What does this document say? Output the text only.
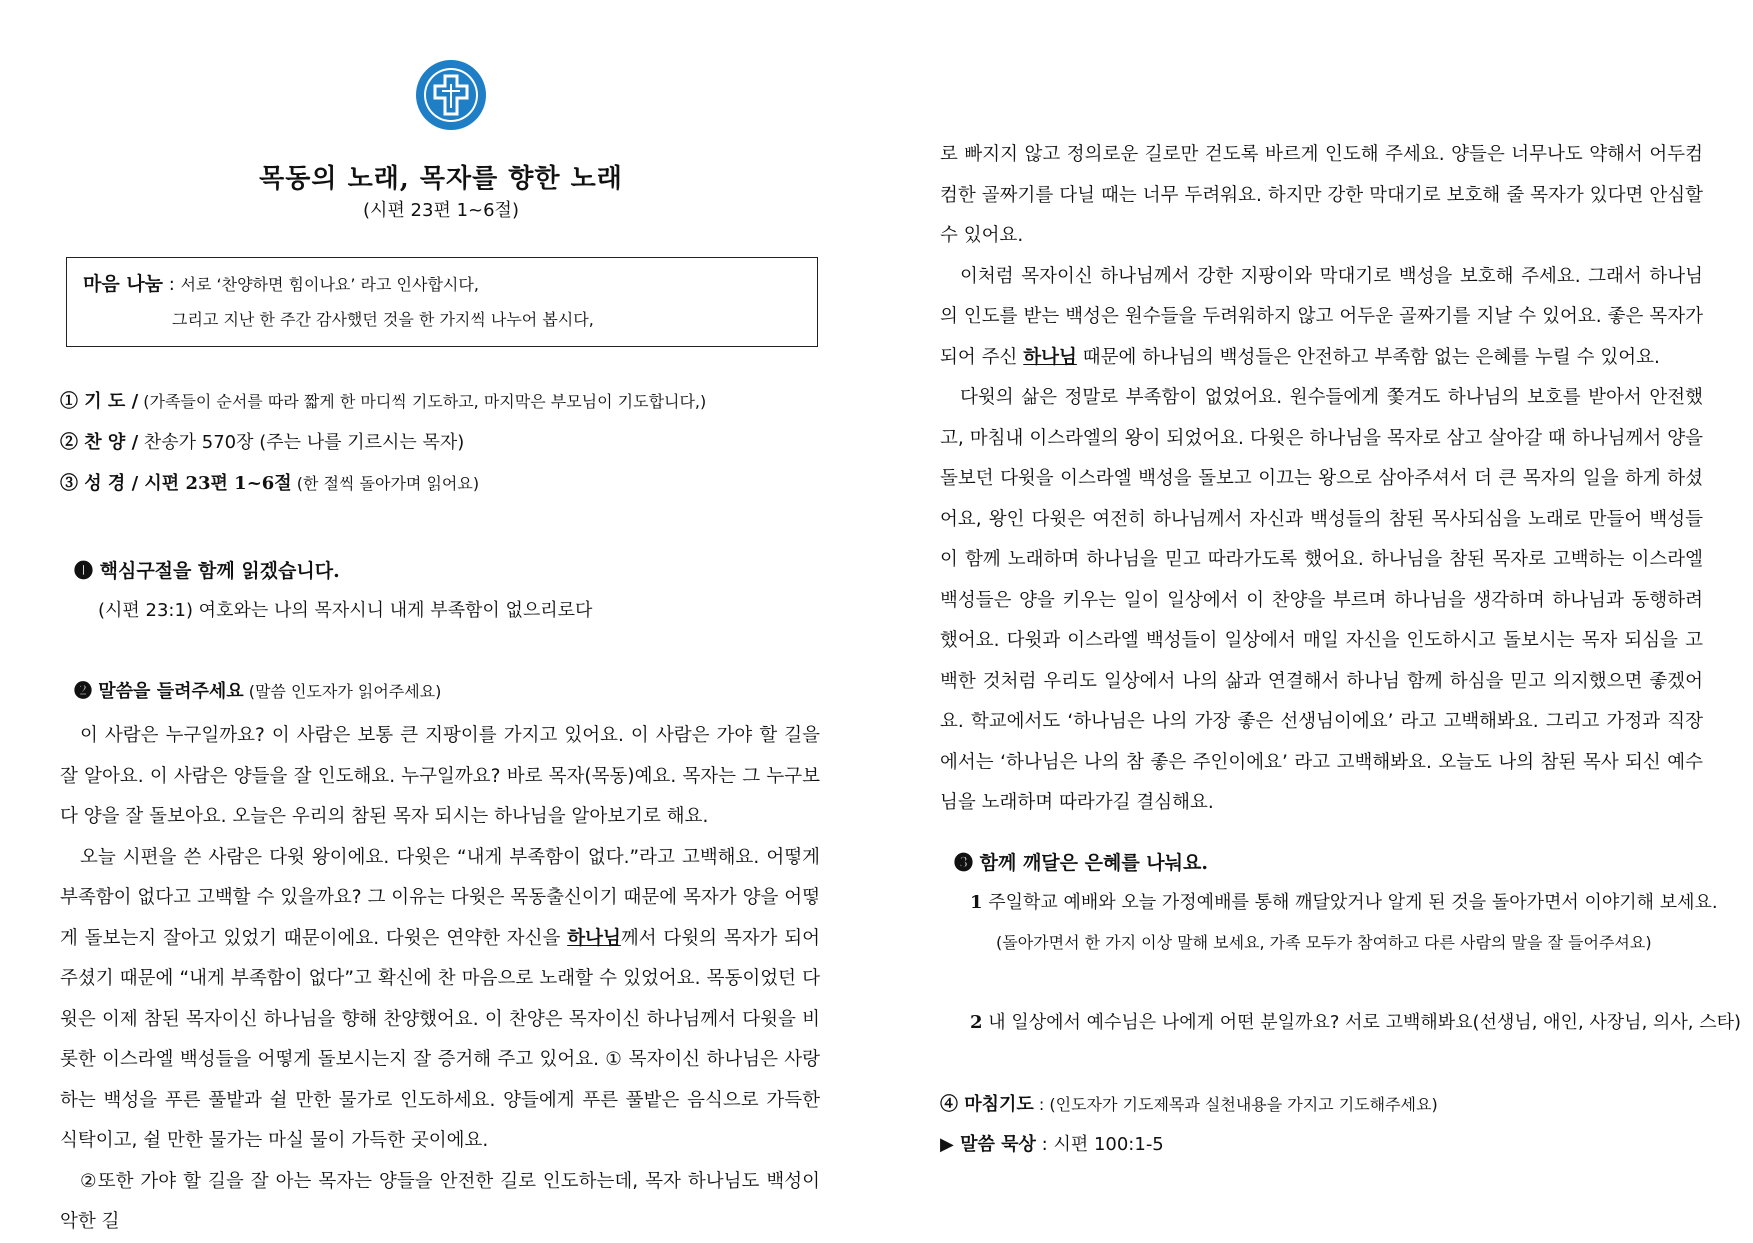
목동의 노래, 목자를 향한 노래
(시편 23편 1~6절)
마음 나눔 : 서로 ‘찬양하면 힘이나요’ 라고 인사합시다,
그리고 지난 한 주간 감사했던 것을 한 가지씩 나누어 봅시다,
① 기 도 / (가족들이 순서를 따라 짧게 한 마디씩 기도하고, 마지막은 부모님이 기도합니다,)
② 찬 양 / 찬송가 570장 (주는 나를 기르시는 목자)
③ 성 경 / 시편 23편 1~6절 (한 절씩 돌아가며 읽어요)
❶ 핵심구절을 함께 읽겠습니다.
(시편 23:1) 여호와는 나의 목자시니 내게 부족함이 없으리로다
❷ 말씀을 들려주세요 (말씀 인도자가 읽어주세요)

이 사람은 누구일까요? 이 사람은 보통 큰 지팡이를 가지고 있어요. 이 사람은 가야 할 길을 잘 알아요. 이 사람은 양들을 잘 인도해요. 누구일까요? 바로 목자(목동)예요. 목자는 그 누구보다 양을 잘 돌보아요. 오늘은 우리의 참된 목자 되시는 하나님을 알아보기로 해요.

오늘 시편을 쓴 사람은 다윗 왕이에요. 다윗은 “내게 부족함이 없다.”라고 고백해요. 어떻게 부족함이 없다고 고백할 수 있을까요? 그 이유는 다윗은 목동출신이기 때문에 목자가 양을 어떻게 돌보는지 잘아고 있었기 때문이에요. 다윗은 연약한 자신을 하나님께서 다윗의 목자가 되어 주셨기 때문에 “내게 부족함이 없다”고 확신에 찬 마음으로 노래할 수 있었어요. 목동이었던 다윗은 이제 참된 목자이신 하나님을 향해 찬양했어요. 이 찬양은 목자이신 하나님께서 다윗을 비롯한 이스라엘 백성들을 어떻게 돌보시는지 잘 증거해 주고 있어요. ① 목자이신 하나님은 사랑하는 백성을 푸른 풀밭과 쉴 만한 물가로 인도하세요. 양들에게 푸른 풀밭은 음식으로 가득한 식탁이고, 쉴 만한 물가는 마실 물이 가득한 곳이에요.

②또한 가야 할 길을 잘 아는 목자는 양들을 안전한 길로 인도하는데, 목자 하나님도 백성이 악한 길

로 빠지지 않고 정의로운 길로만 걷도록 바르게 인도해 주세요. 양들은 너무나도 약해서 어두컴컴한 골짜기를 다닐 때는 너무 두려워요. 하지만 강한 막대기로 보호해 줄 목자가 있다면 안심할 수 있어요.

이처럼 목자이신 하나님께서 강한 지팡이와 막대기로 백성을 보호해 주세요. 그래서 하나님의 인도를 받는 백성은 원수들을 두려워하지 않고 어두운 골짜기를 지날 수 있어요. 좋은 목자가 되어 주신 하나님 때문에 하나님의 백성들은 안전하고 부족함 없는 은혜를 누릴 수 있어요.

다윗의 삶은 정말로 부족함이 없었어요. 원수들에게 쫓겨도 하나님의 보호를 받아서 안전했고, 마침내 이스라엘의 왕이 되었어요. 다윗은 하나님을 목자로 삼고 살아갈 때 하나님께서 양을 돌보던 다윗을 이스라엘 백성을 돌보고 이끄는 왕으로 삼아주셔서 더 큰 목자의 일을 하게 하셨어요, 왕인 다윗은 여전히 하나님께서 자신과 백성들의 참된 목사되심을 노래로 만들어 백성들이 함께 노래하며 하나님을 믿고 따라가도록 했어요. 하나님을 참된 목자로 고백하는 이스라엘 백성들은 양을 키우는 일이 일상에서 이 찬양을 부르며 하나님을 생각하며 하나님과 동행하려 했어요. 다윗과 이스라엘 백성들이 일상에서 매일 자신을 인도하시고 돌보시는 목자 되심을 고백한 것처럼 우리도 일상에서 나의 삶과 연결해서 하나님 함께 하심을 믿고 의지했으면 좋겠어요. 학교에서도 ‘하나님은 나의 가장 좋은 선생님이에요’ 라고 고백해봐요. 그리고 가정과 직장에서는 ‘하나님은 나의 참 좋은 주인이에요’ 라고 고백해봐요. 오늘도 나의 참된 목사 되신 예수님을 노래하며 따라가길 결심해요.

❸ 함께 깨달은 은혜를 나눠요.
1 주일학교 예배와 오늘 가정예배를 통해 깨달았거나 알게 된 것을 돌아가면서 이야기해 보세요.
(돌아가면서 한 가지 이상 말해 보세요, 가족 모두가 참여하고 다른 사람의 말을 잘 들어주셔요)
2 내 일상에서 예수님은 나에게 어떤 분일까요? 서로 고백해봐요(선생님, 애인, 사장님, 의사, 스타)
④ 마침기도 : (인도자가 기도제목과 실천내용을 가지고 기도해주세요)
▶ 말씀 묵상 : 시편 100:1-5
